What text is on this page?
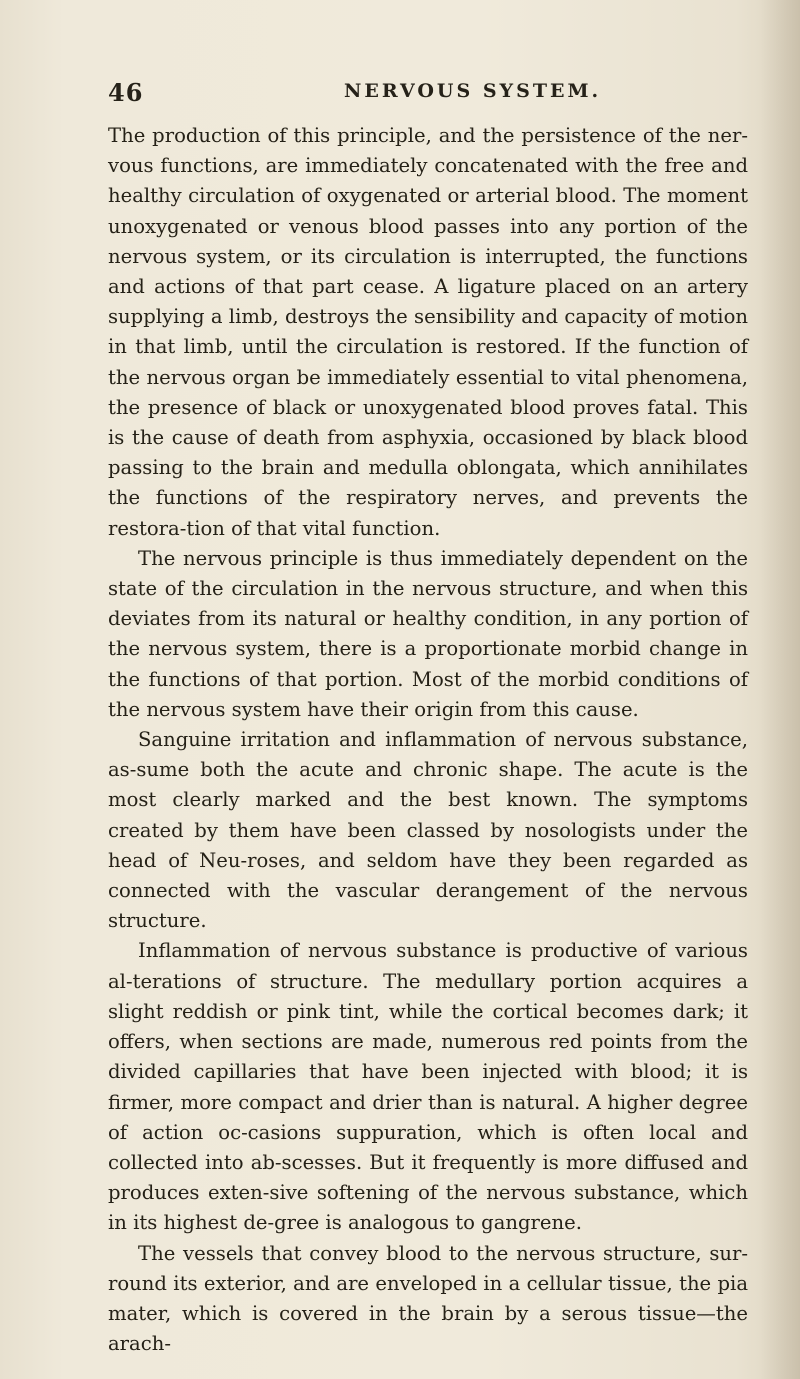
46	NERVOUS SYSTEM.

The production of this principle, and the persistence of the ner-vous functions, are immediately concatenated with the free and healthy circulation of oxygenated or arterial blood. The moment unoxygenated or venous blood passes into any portion of the nervous system, or its circulation is interrupted, the functions and actions of that part cease. A ligature placed on an artery supplying a limb, destroys the sensibility and capacity of motion in that limb, until the circulation is restored. If the function of the nervous organ be immediately essential to vital phenomena, the presence of black or unoxygenated blood proves fatal. This is the cause of death from asphyxia, occasioned by black blood passing to the brain and medulla oblongata, which annihilates the functions of the respiratory nerves, and prevents the restora-tion of that vital function.

The nervous principle is thus immediately dependent on the state of the circulation in the nervous structure, and when this deviates from its natural or healthy condition, in any portion of the nervous system, there is a proportionate morbid change in the functions of that portion. Most of the morbid conditions of the nervous system have their origin from this cause.

Sanguine irritation and inflammation of nervous substance, as-sume both the acute and chronic shape. The acute is the most clearly marked and the best known. The symptoms created by them have been classed by nosologists under the head of Neu-roses, and seldom have they been regarded as connected with the vascular derangement of the nervous structure.

Inflammation of nervous substance is productive of various al-terations of structure. The medullary portion acquires a slight reddish or pink tint, while the cortical becomes dark; it offers, when sections are made, numerous red points from the divided capillaries that have been injected with blood; it is firmer, more compact and drier than is natural. A higher degree of action oc-casions suppuration, which is often local and collected into ab-scesses. But it frequently is more diffused and produces exten-sive softening of the nervous substance, which in its highest de-gree is analogous to gangrene.

The vessels that convey blood to the nervous structure, sur-round its exterior, and are enveloped in a cellular tissue, the pia mater, which is covered in the brain by a serous tissue—the arach-
